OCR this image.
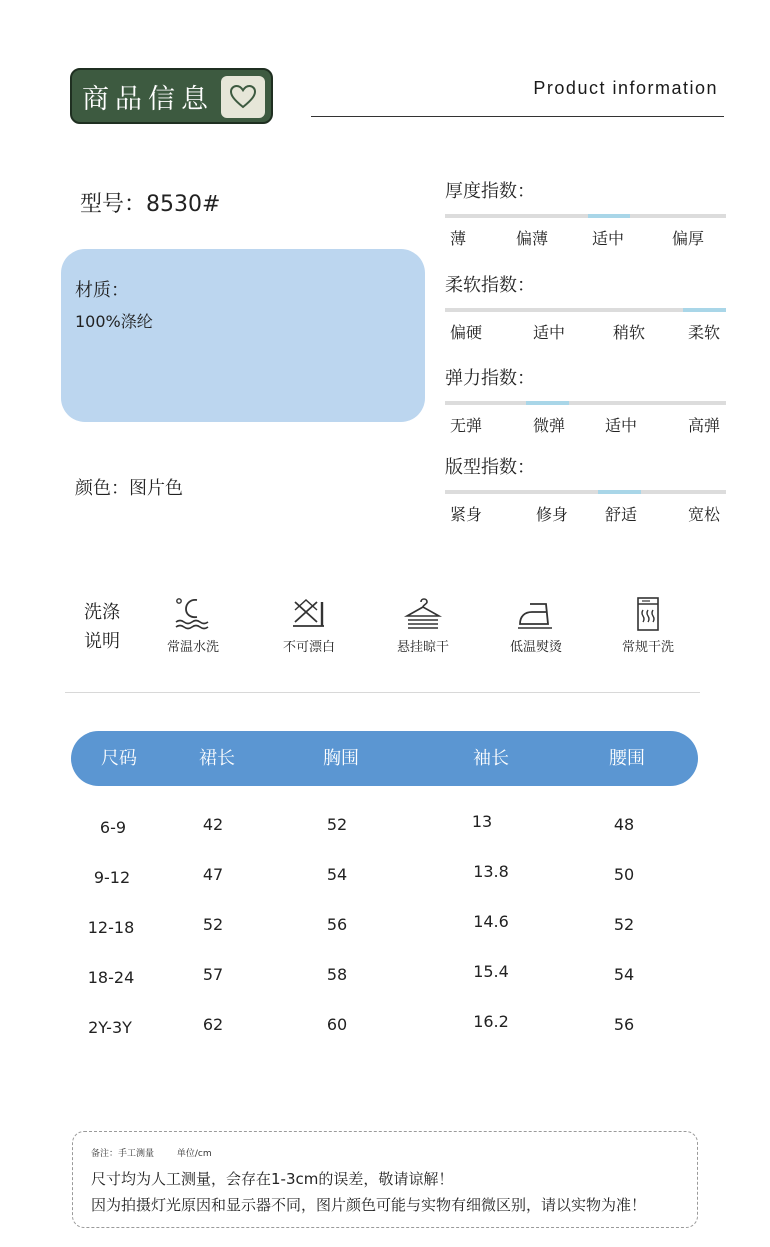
商品信息	Product information
型号：8530#
材质：
100%涤纶
颜色：图片色
厚度指数：
薄	偏薄	适中	偏厚
柔软指数：
偏硬	适中	稍软	柔软
弹力指数：
无弹	微弹 适中	高弹
版型指数：
紧身	修身 舒适	宽松
洗涤
说明	常温水洗	不可漂白	悬挂晾干	低温熨烫	常规干洗
尺码	裙长	胸围	袖长	腰围
6-9	42	52	13	48
9-12	47	54	13.8	50
12-18	52	56	14.6	52
18-24	57	58	15.4	54
2Y-3Y	62	60	16.2	56
备注：手工测量	单位/cm
尺寸均为人工测量，会存在1-3cm的误差，敬请谅解！
因为拍摄灯光原因和显示器不同，图片颜色可能与实物有细微区别，请以实物为准！
